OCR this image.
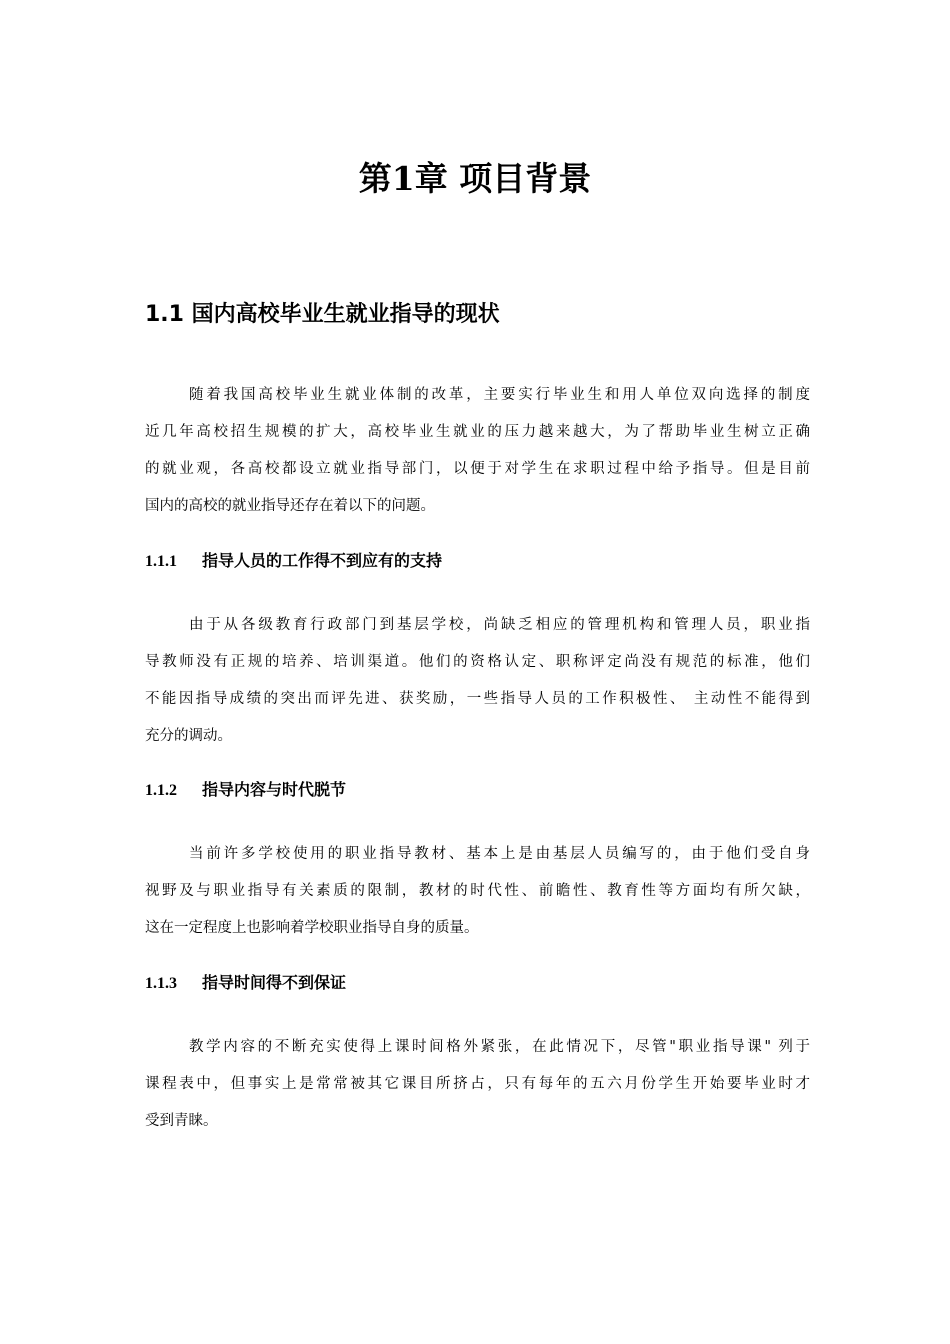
第1章 项目背景
1.1 国内高校毕业生就业指导的现状
随着我国高校毕业生就业体制的改革，主要实行毕业生和用人单位双向选择的制度
近几年高校招生规模的扩大，高校毕业生就业的压力越来越大，为了帮助毕业生树立正确
的就业观，各高校都设立就业指导部门，以便于对学生在求职过程中给予指导。但是目前
国内的高校的就业指导还存在着以下的问题。
1.1.1 指导人员的工作得不到应有的支持
由于从各级教育行政部门到基层学校，尚缺乏相应的管理机构和管理人员，职业指
导教师没有正规的培养、培训渠道。他们的资格认定、职称评定尚没有规范的标准，他们
不能因指导成绩的突出而评先进、获奖励，一些指导人员的工作积极性、 主动性不能得到
充分的调动。
1.1.2 指导内容与时代脱节
当前许多学校使用的职业指导教材、基本上是由基层人员编写的，由于他们受自身
视野及与职业指导有关素质的限制，教材的时代性、前瞻性、教育性等方面均有所欠缺，
这在一定程度上也影响着学校职业指导自身的质量。
1.1.3 指导时间得不到保证
教学内容的不断充实使得上课时间格外紧张，在此情况下，尽管"职业指导课" 列于
课程表中，但事实上是常常被其它课目所挤占，只有每年的五六月份学生开始要毕业时才
受到青睐。
